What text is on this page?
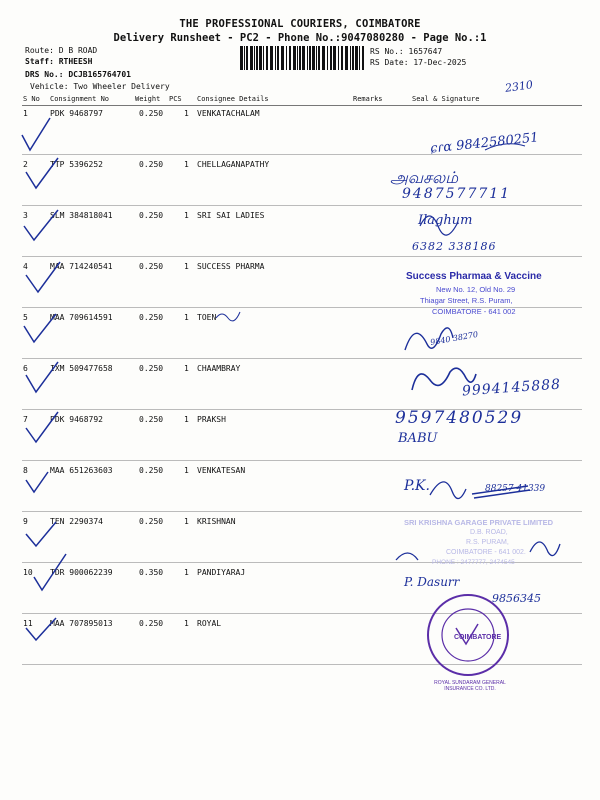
THE PROFESSIONAL COURIERS, COIMBATORE
Delivery Runsheet - PC2 - Phone No.:9047080280 - Page No.:1
Route: D B ROAD
Staff: RTHEESH
DRS No.: DCJB165764701
Vehicle: Two Wheeler Delivery
RS No.: 1657647
RS Date: 17-Dec-2025
2310
S No Consignment No	Weight PCS Consignee Details	Remarks	Seal & Signature
1	PDK 9468797	0.250	1 VENKATACHALAM
2	TTP 5396252	0.250	1 CHELLAGANAPATHY
3	SLM 384818041	0.250	1 SRI SAI LADIES
4	MAA 714240541	0.250	1 SUCCESS PHARMA
5	MAA 709614591	0.250	1 TOEN
6	IXM 509477658	0.250	1 CHAAMBRAY
7	PDK 9468792	0.250	1 PRAKSH
8	MAA 651263603	0.250	1 VENKATESAN
9	TEN 2290374	0.250	1 KRISHNAN
10 TDR 900062239	0.350	1 PANDIYARAJ
11 MAA 707895013	0.250	1 ROYAL
ɕɾɑ 9842580251
அவசலம்
9487577711
Ilaghum
6382 338186
Success Pharmaa & Vaccine
New No. 12, Old No. 29
Thiagar Street, R.S. Puram,
COIMBATORE - 641 002
9840 38270
9994145888
9597480529
BABU
P.K.	88257 41339
SRI KRISHNA GARAGE PRIVATE LIMITED
D.B. ROAD,
R.S. PURAM,
COIMBATORE - 641 002.
PHONE : 2477777, 2474545
P. Dasurr
9856345
COIMBATORE
ROYAL SUNDARAM GENERAL INSURANCE CO. LTD.
